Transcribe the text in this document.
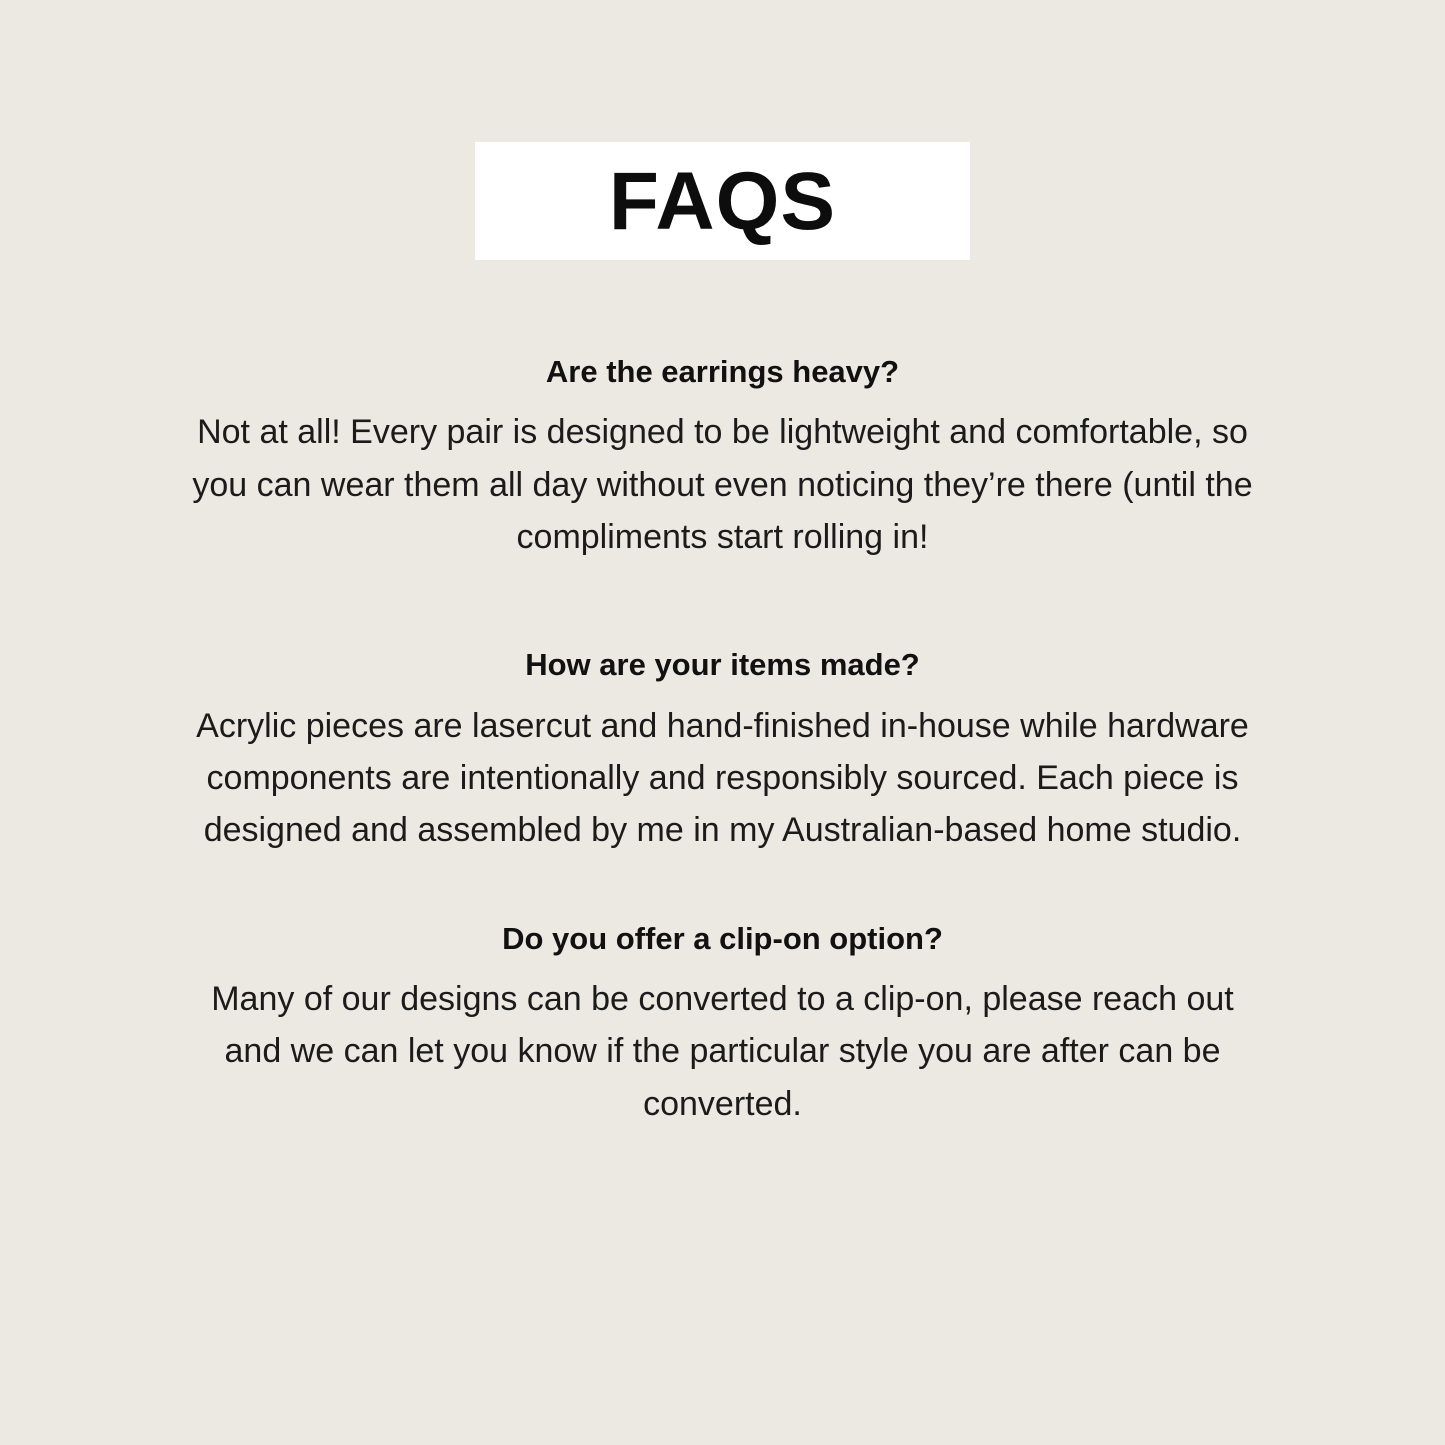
FAQS

Are the earrings heavy?

Not at all! Every pair is designed to be lightweight and comfortable, so you can wear them all day without even noticing they’re there (until the compliments start rolling in!

How are your items made?

Acrylic pieces are lasercut and hand-finished in-house while hardware components are intentionally and responsibly sourced. Each piece is designed and assembled by me in my Australian-based home studio.

Do you offer a clip-on option?

Many of our designs can be converted to a clip-on, please reach out and we can let you know if the particular style you are after can be converted.
